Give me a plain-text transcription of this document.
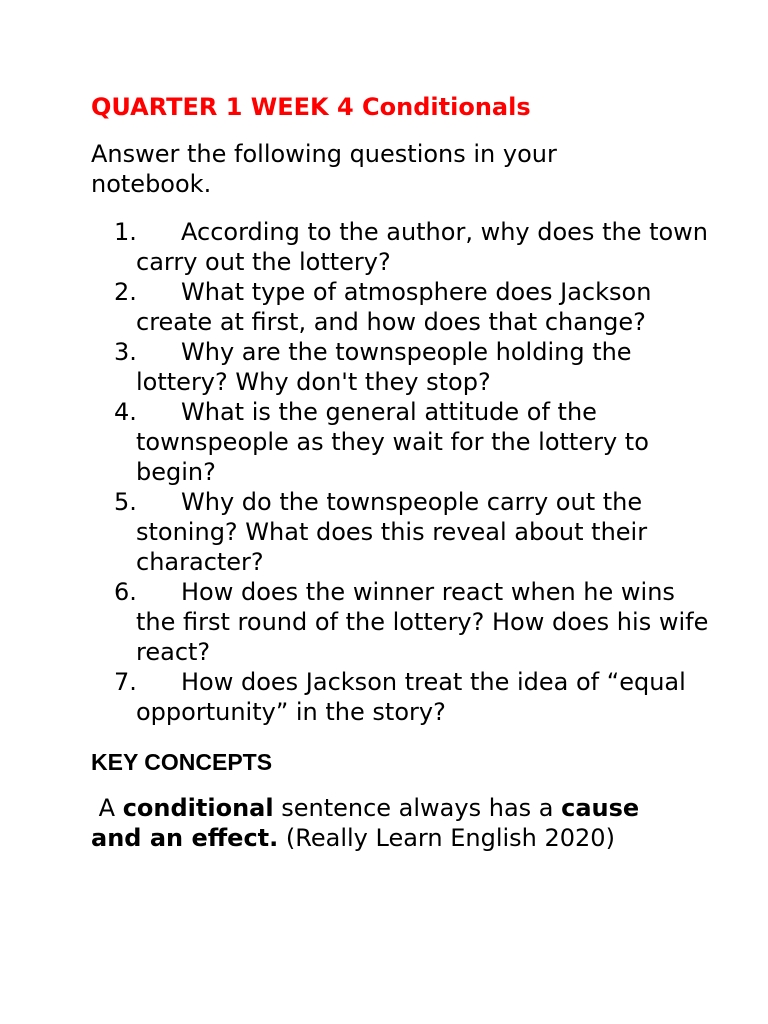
QUARTER 1 WEEK 4 Conditionals

Answer the following questions in your notebook.

1.	According to the author, why does the town carry out the lottery?
2.	What type of atmosphere does Jackson create at first, and how does that change?
3.	Why are the townspeople holding the lottery? Why don't they stop?
4.	What is the general attitude of the townspeople as they wait for the lottery to begin?
5.	Why do the townspeople carry out the stoning? What does this reveal about their character?
6.	How does the winner react when he wins the first round of the lottery? How does his wife react?
7.	How does Jackson treat the idea of “equal opportunity” in the story?
KEY CONCEPTS

A conditional sentence always has a cause and an effect. (Really Learn English 2020)
